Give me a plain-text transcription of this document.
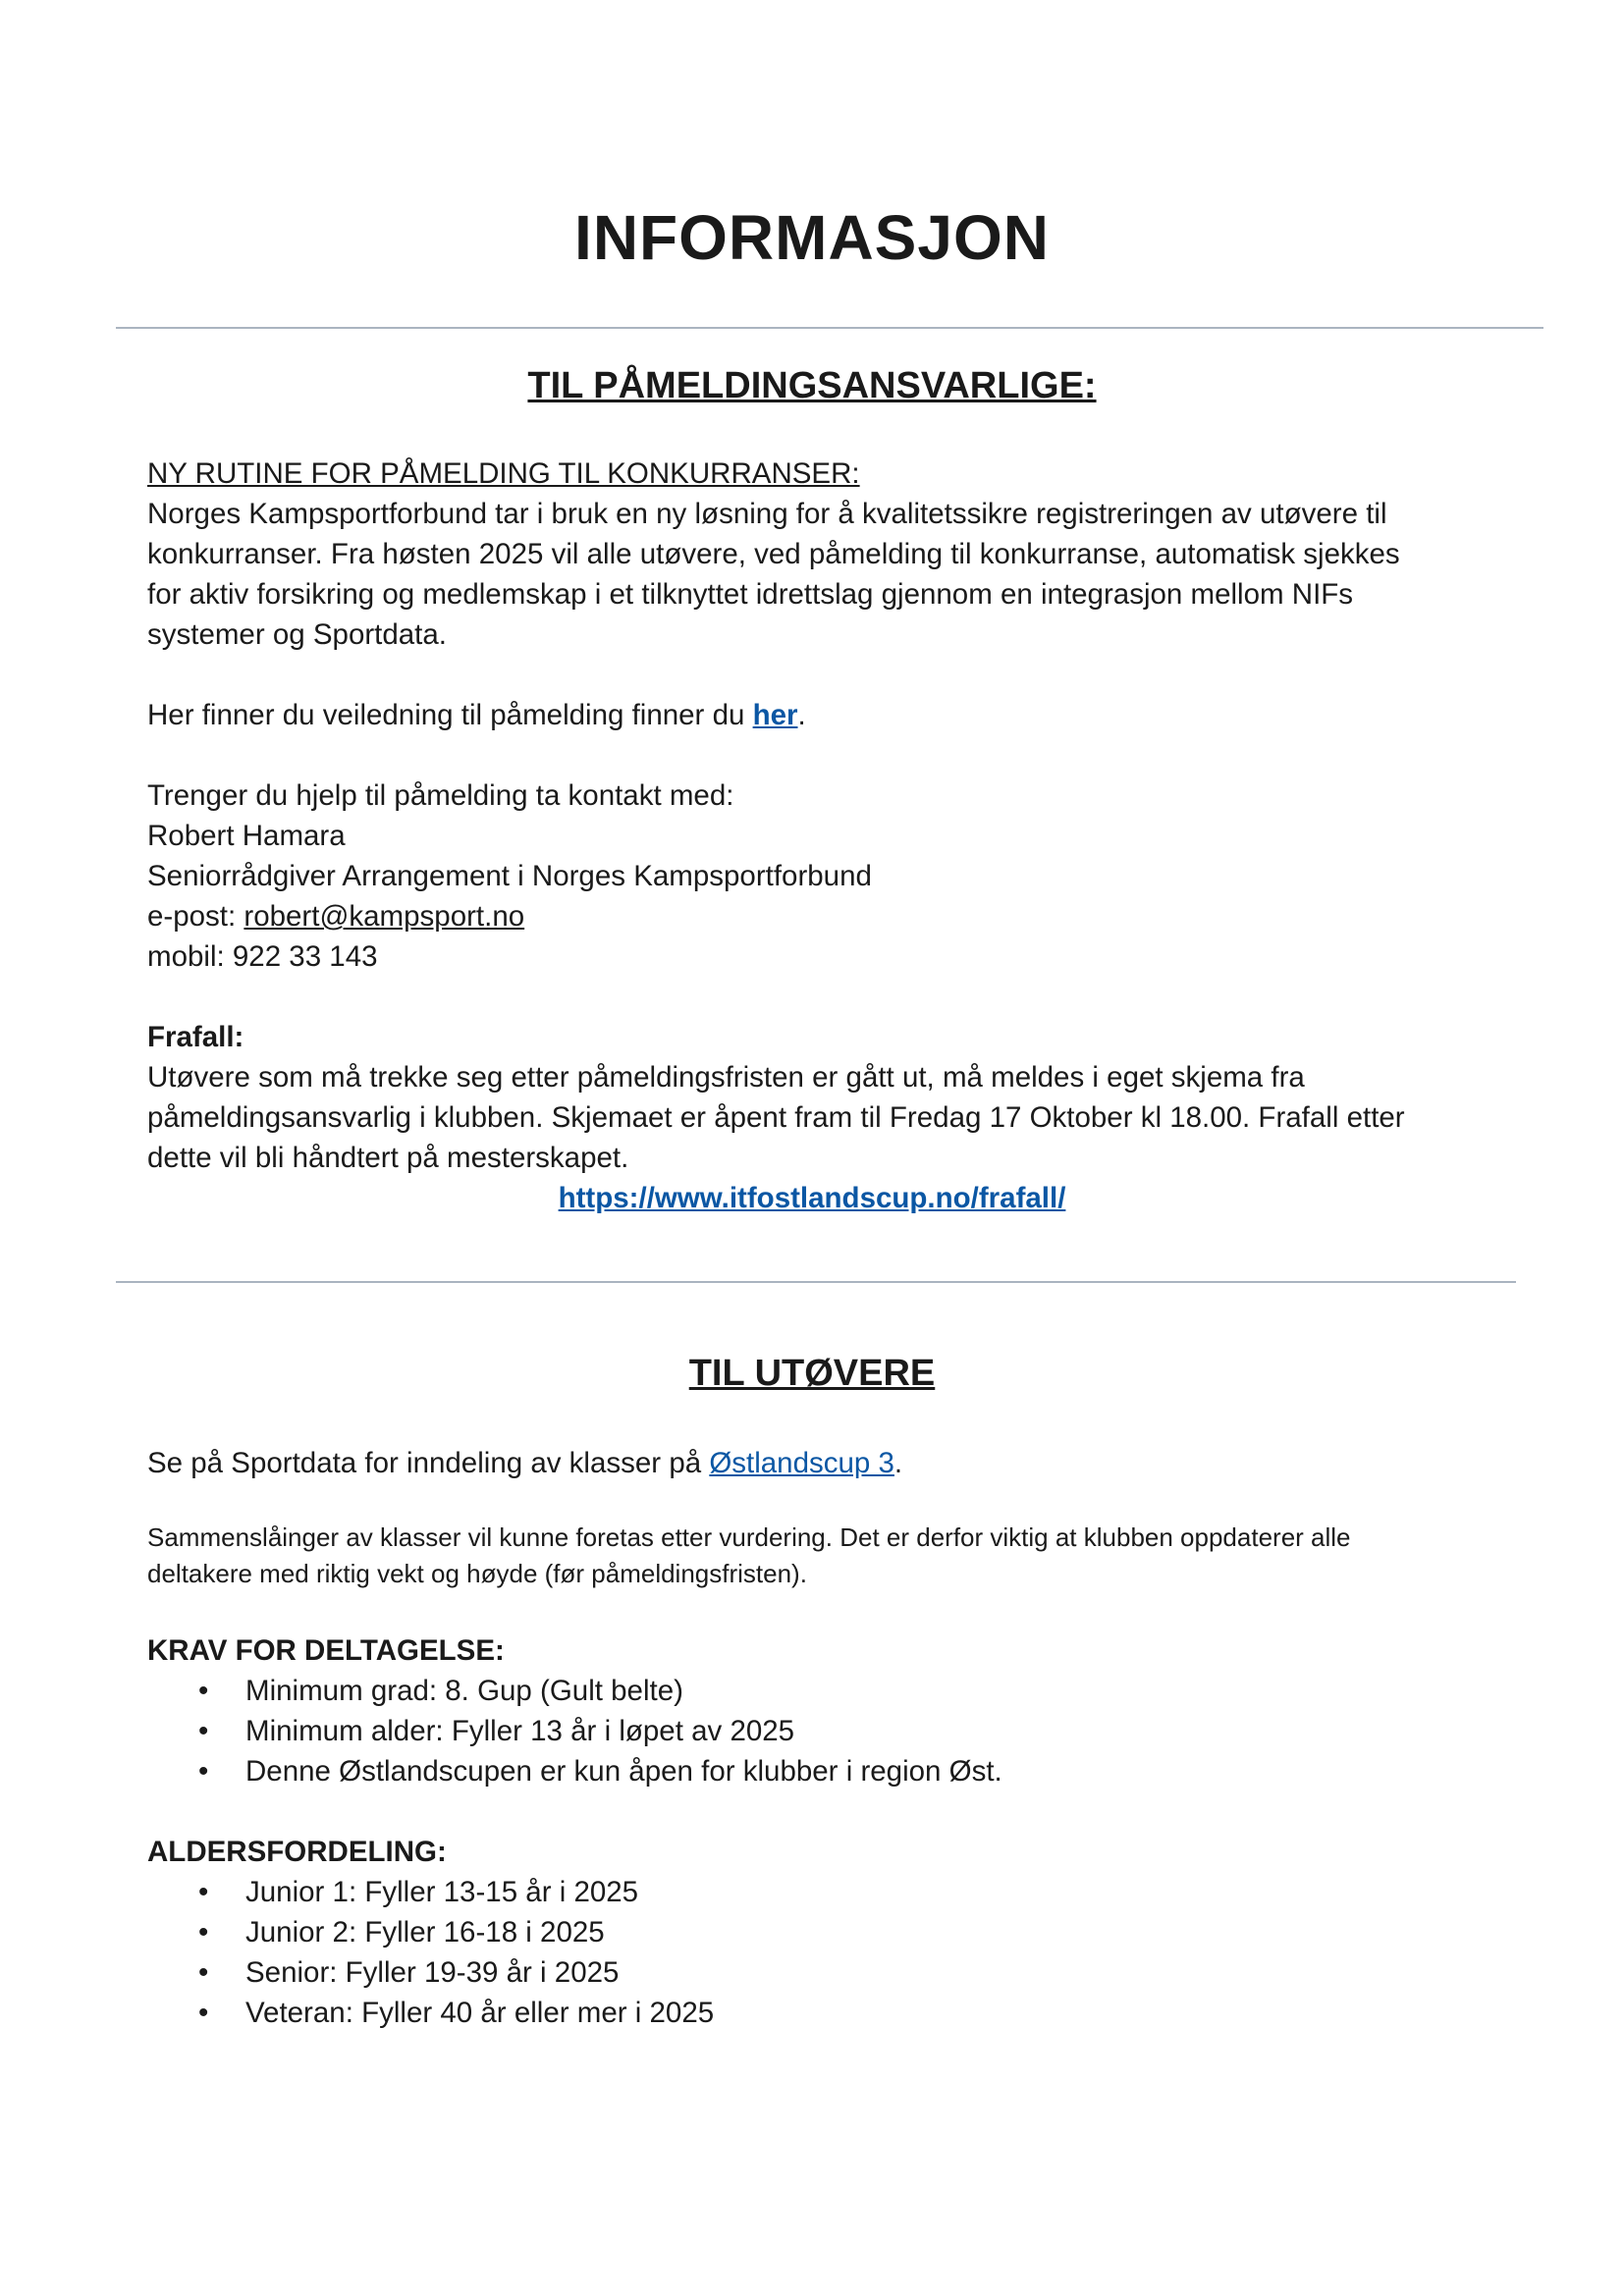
INFORMASJON
TIL PÅMELDINGSANSVARLIGE:

NY RUTINE FOR PÅMELDING TIL KONKURRANSER:

Norges Kampsportforbund tar i bruk en ny løsning for å kvalitetssikre registreringen av utøvere til

konkurranser. Fra høsten 2025 vil alle utøvere, ved påmelding til konkurranse, automatisk sjekkes

for aktiv forsikring og medlemskap i et tilknyttet idrettslag gjennom en integrasjon mellom NIFs

systemer og Sportdata.

Her finner du veiledning til påmelding finner du her.

Trenger du hjelp til påmelding ta kontakt med:

Robert Hamara

Seniorrådgiver Arrangement i Norges Kampsportforbund

e-post: robert@kampsport.no

mobil: 922 33 143

Frafall:

Utøvere som må trekke seg etter påmeldingsfristen er gått ut, må meldes i eget skjema fra

påmeldingsansvarlig i klubben. Skjemaet er åpent fram til Fredag 17 Oktober kl 18.00. Frafall etter

dette vil bli håndtert på mesterskapet.

https://www.itfostlandscup.no/frafall/

TIL UTØVERE

Se på Sportdata for inndeling av klasser på Østlandscup 3.

Sammenslåinger av klasser vil kunne foretas etter vurdering. Det er derfor viktig at klubben oppdaterer alle

deltakere med riktig vekt og høyde (før påmeldingsfristen).

KRAV FOR DELTAGELSE:

• Minimum grad: 8. Gup (Gult belte)
• Minimum alder: Fyller 13 år i løpet av 2025
• Denne Østlandscupen er kun åpen for klubber i region Øst.

ALDERSFORDELING:

• Junior 1: Fyller 13-15 år i 2025
• Junior 2: Fyller 16-18 i 2025
• Senior: Fyller 19-39 år i 2025
• Veteran: Fyller 40 år eller mer i 2025
